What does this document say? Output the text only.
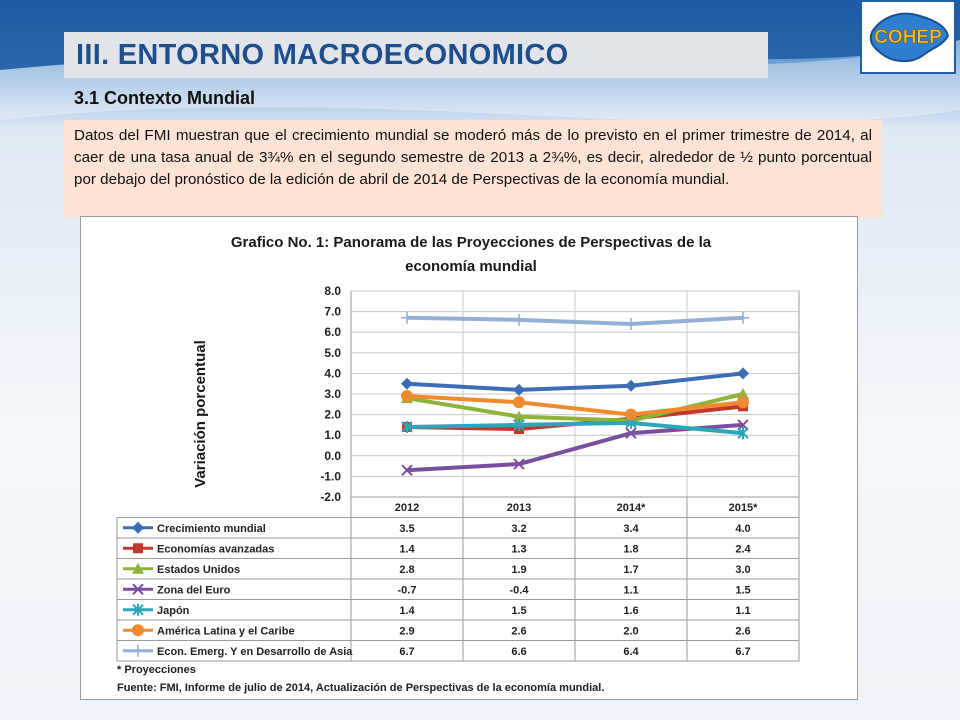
III. ENTORNO MACROECONOMICO
COHEP
3.1 Contexto Mundial

Datos del FMI muestran que el crecimiento mundial se moderó más de lo previsto en el primer trimestre de 2014, al caer de una tasa anual de 3¾% en el segundo semestre de 2013 a 2¾%, es decir, alrededor de ½ punto porcentual por debajo del pronóstico de la edición de abril de 2014 de Perspectivas de la economía mundial.

Grafico No. 1: Panorama de las Proyecciones de Perspectivas de la
economía mundial
8.0
7.0
6.0
5.0
4.0
3.0
2.0
1.0
0.0
-1.0
-2.0
Variación porcentual
2012	2013	2014*	2015*
Crecimiento mundial	3.5	3.2	3.4	4.0
Economías avanzadas	1.4	1.3	1.8	2.4
Estados Unidos	2.8	1.9	1.7	3.0
Zona del Euro	-0.7	-0.4	1.1	1.5
Japón	1.4	1.5	1.6	1.1
América Latina y el Caribe	2.9	2.6	2.0	2.6
Econ. Emerg. Y en Desarrollo de Asia	6.7	6.6	6.4	6.7
* Proyecciones
Fuente: FMI, Informe de julio de 2014, Actualización de Perspectivas de la economía mundial.
